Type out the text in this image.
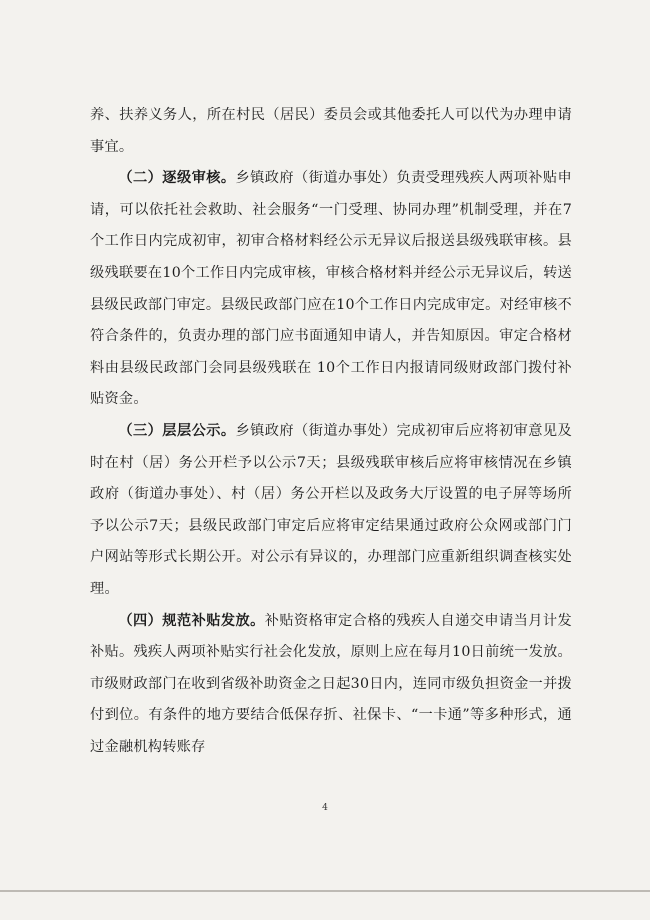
养、扶养义务人，所在村民（居民）委员会或其他委托人可以代为办理申请事宜。

（二）逐级审核。乡镇政府（街道办事处）负责受理残疾人两项补贴申请，可以依托社会救助、社会服务“一门受理、协同办理”机制受理，并在7个工作日内完成初审，初审合格材料经公示无异议后报送县级残联审核。县级残联要在10个工作日内完成审核，审核合格材料并经公示无异议后，转送县级民政部门审定。县级民政部门应在10个工作日内完成审定。对经审核不符合条件的，负责办理的部门应书面通知申请人，并告知原因。审定合格材料由县级民政部门会同县级残联在 10个工作日内报请同级财政部门拨付补贴资金。

（三）层层公示。乡镇政府（街道办事处）完成初审后应将初审意见及时在村（居）务公开栏予以公示7天；县级残联审核后应将审核情况在乡镇政府（街道办事处）、村（居）务公开栏以及政务大厅设置的电子屏等场所予以公示7天；县级民政部门审定后应将审定结果通过政府公众网或部门门户网站等形式长期公开。对公示有异议的，办理部门应重新组织调查核实处理。

（四）规范补贴发放。补贴资格审定合格的残疾人自递交申请当月计发补贴。残疾人两项补贴实行社会化发放，原则上应在每月10日前统一发放。市级财政部门在收到省级补助资金之日起30日内，连同市级负担资金一并拨付到位。有条件的地方要结合低保存折、社保卡、“一卡通”等多种形式，通过金融机构转账存

4
